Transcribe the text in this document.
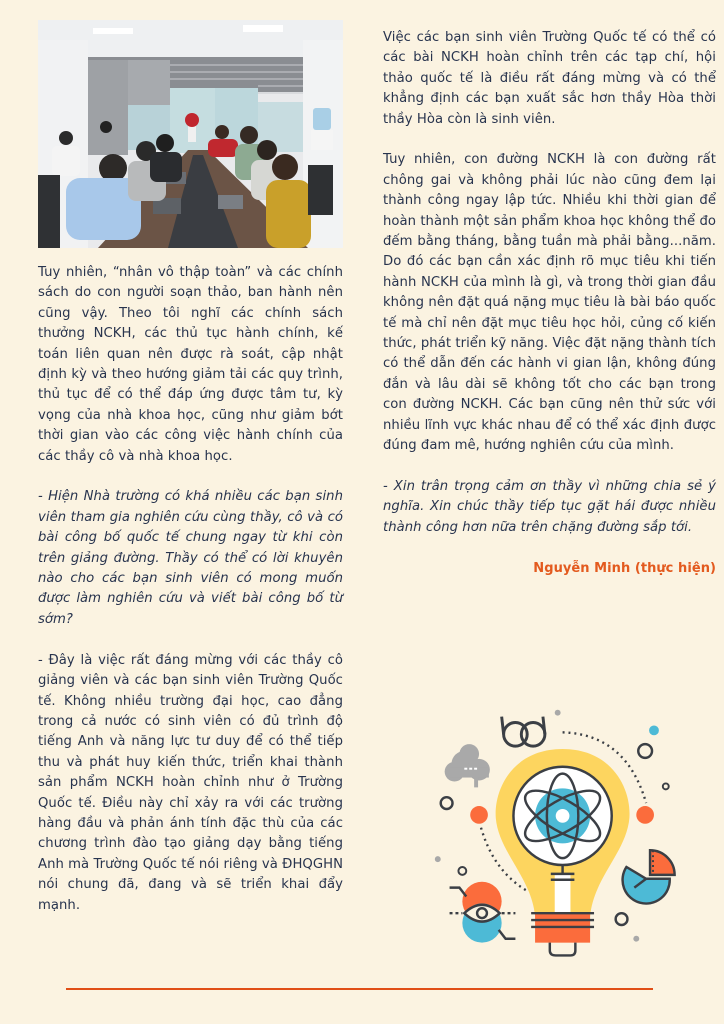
Tuy nhiên, “nhân vô thập toàn” và các chính sách do con người soạn thảo, ban hành nên cũng vậy. Theo tôi nghĩ các chính sách thưởng NCKH, các thủ tục hành chính, kế toán liên quan nên được rà soát, cập nhật định kỳ và theo hướng giảm tải các quy trình, thủ tục để có thể đáp ứng được tâm tư, kỳ vọng của nhà khoa học, cũng như giảm bớt thời gian vào các công việc hành chính của các thầy cô và nhà khoa học.

- Hiện Nhà trường có khá nhiều các bạn sinh viên tham gia nghiên cứu cùng thầy, cô và có bài công bố quốc tế chung ngay từ khi còn trên giảng đường. Thầy có thể có lời khuyên nào cho các bạn sinh viên có mong muốn được làm nghiên cứu và viết bài công bố từ sớm?

- Đây là việc rất đáng mừng với các thầy cô giảng viên và các bạn sinh viên Trường Quốc tế. Không nhiều trường đại học, cao đẳng trong cả nước có sinh viên có đủ trình độ tiếng Anh và năng lực tư duy để có thể tiếp thu và phát huy kiến thức, triển khai thành sản phẩm NCKH hoàn chỉnh như ở Trường Quốc tế. Điều này chỉ xảy ra với các trường hàng đầu và phản ánh tính đặc thù của các chương trình đào tạo giảng dạy bằng tiếng Anh mà Trường Quốc tế nói riêng và ĐHQGHN nói chung đã, đang và sẽ triển khai đẩy mạnh.

Việc các bạn sinh viên Trường Quốc tế có thể có các bài NCKH hoàn chỉnh trên các tạp chí, hội thảo quốc tế là điều rất đáng mừng và có thể khẳng định các bạn xuất sắc hơn thầy Hòa thời thầy Hòa còn là sinh viên.

Tuy nhiên, con đường NCKH là con đường rất chông gai và không phải lúc nào cũng đem lại thành công ngay lập tức. Nhiều khi thời gian để hoàn thành một sản phẩm khoa học không thể đo đếm bằng tháng, bằng tuần mà phải bằng...năm. Do đó các bạn cần xác định rõ mục tiêu khi tiến hành NCKH của mình là gì, và trong thời gian đầu không nên đặt quá nặng mục tiêu là bài báo quốc tế mà chỉ nên đặt mục tiêu học hỏi, củng cố kiến thức, phát triển kỹ năng. Việc đặt nặng thành tích có thể dẫn đến các hành vi gian lận, không đúng đắn và lâu dài sẽ không tốt cho các bạn trong con đường NCKH. Các bạn cũng nên thử sức với nhiều lĩnh vực khác nhau để có thể xác định được đúng đam mê, hướng nghiên cứu của mình.

- Xin trân trọng cảm ơn thầy vì những chia sẻ ý nghĩa. Xin chúc thầy tiếp tục gặt hái được nhiều thành công hơn nữa trên chặng đường sắp tới.

Nguyễn Minh (thực hiện)
